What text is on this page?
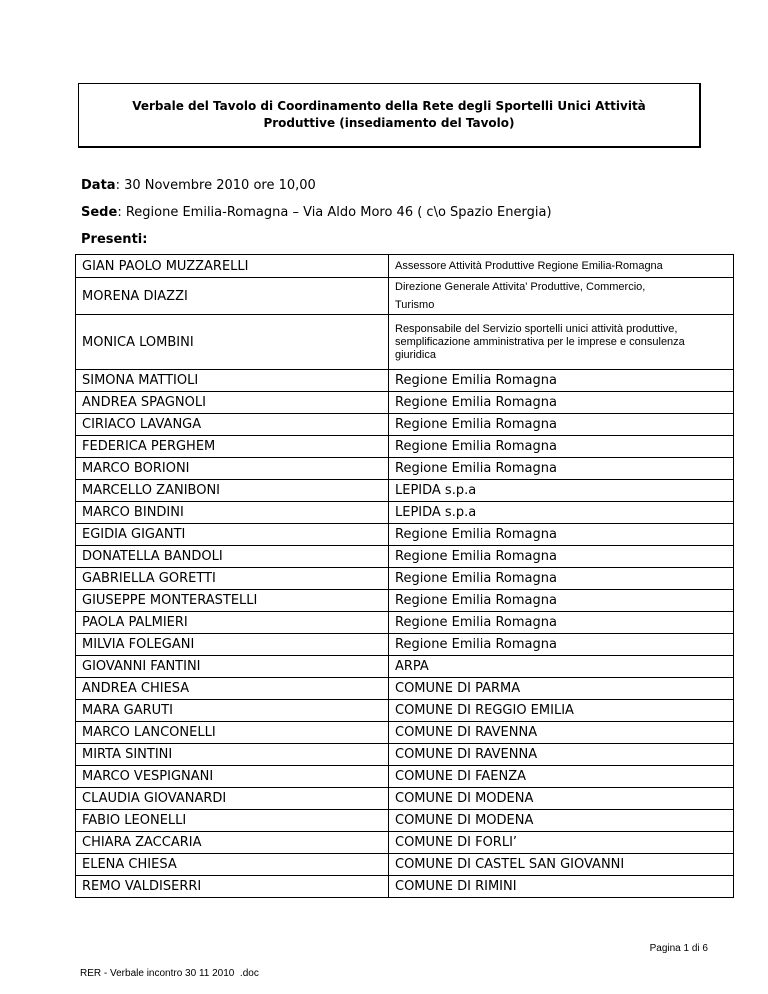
Verbale del Tavolo di Coordinamento della Rete degli Sportelli Unici Attività
Produttive (insediamento del Tavolo)
Data: 30 Novembre 2010 ore 10,00
Sede: Regione Emilia-Romagna – Via Aldo Moro 46 ( c\o Spazio Energia)
Presenti:
GIAN PAOLO MUZZARELLI	Assessore Attività Produttive Regione Emilia-Romagna
MORENA DIAZZI	Direzione Generale Attivita' Produttive, Commercio,
Turismo
MONICA LOMBINI	Responsabile del Servizio sportelli unici attività produttive, semplificazione amministrativa per le imprese e consulenza giuridica
SIMONA MATTIOLI	Regione Emilia Romagna
ANDREA SPAGNOLI	Regione Emilia Romagna
CIRIACO LAVANGA	Regione Emilia Romagna
FEDERICA PERGHEM	Regione Emilia Romagna
MARCO BORIONI	Regione Emilia Romagna
MARCELLO ZANIBONI	LEPIDA s.p.a
MARCO BINDINI	LEPIDA s.p.a
EGIDIA GIGANTI	Regione Emilia Romagna
DONATELLA BANDOLI	Regione Emilia Romagna
GABRIELLA GORETTI	Regione Emilia Romagna
GIUSEPPE MONTERASTELLI	Regione Emilia Romagna
PAOLA PALMIERI	Regione Emilia Romagna
MILVIA FOLEGANI	Regione Emilia Romagna
GIOVANNI FANTINI	ARPA
ANDREA CHIESA	COMUNE DI PARMA
MARA GARUTI	COMUNE DI REGGIO EMILIA
MARCO LANCONELLI	COMUNE DI RAVENNA
MIRTA SINTINI	COMUNE DI RAVENNA
MARCO VESPIGNANI	COMUNE DI FAENZA
CLAUDIA GIOVANARDI	COMUNE DI MODENA
FABIO LEONELLI	COMUNE DI MODENA
CHIARA ZACCARIA	COMUNE DI FORLI’
ELENA CHIESA	COMUNE DI CASTEL SAN GIOVANNI
REMO VALDISERRI	COMUNE DI RIMINI
Pagina 1 di 6
RER - Verbale incontro 30 11 2010  .doc
